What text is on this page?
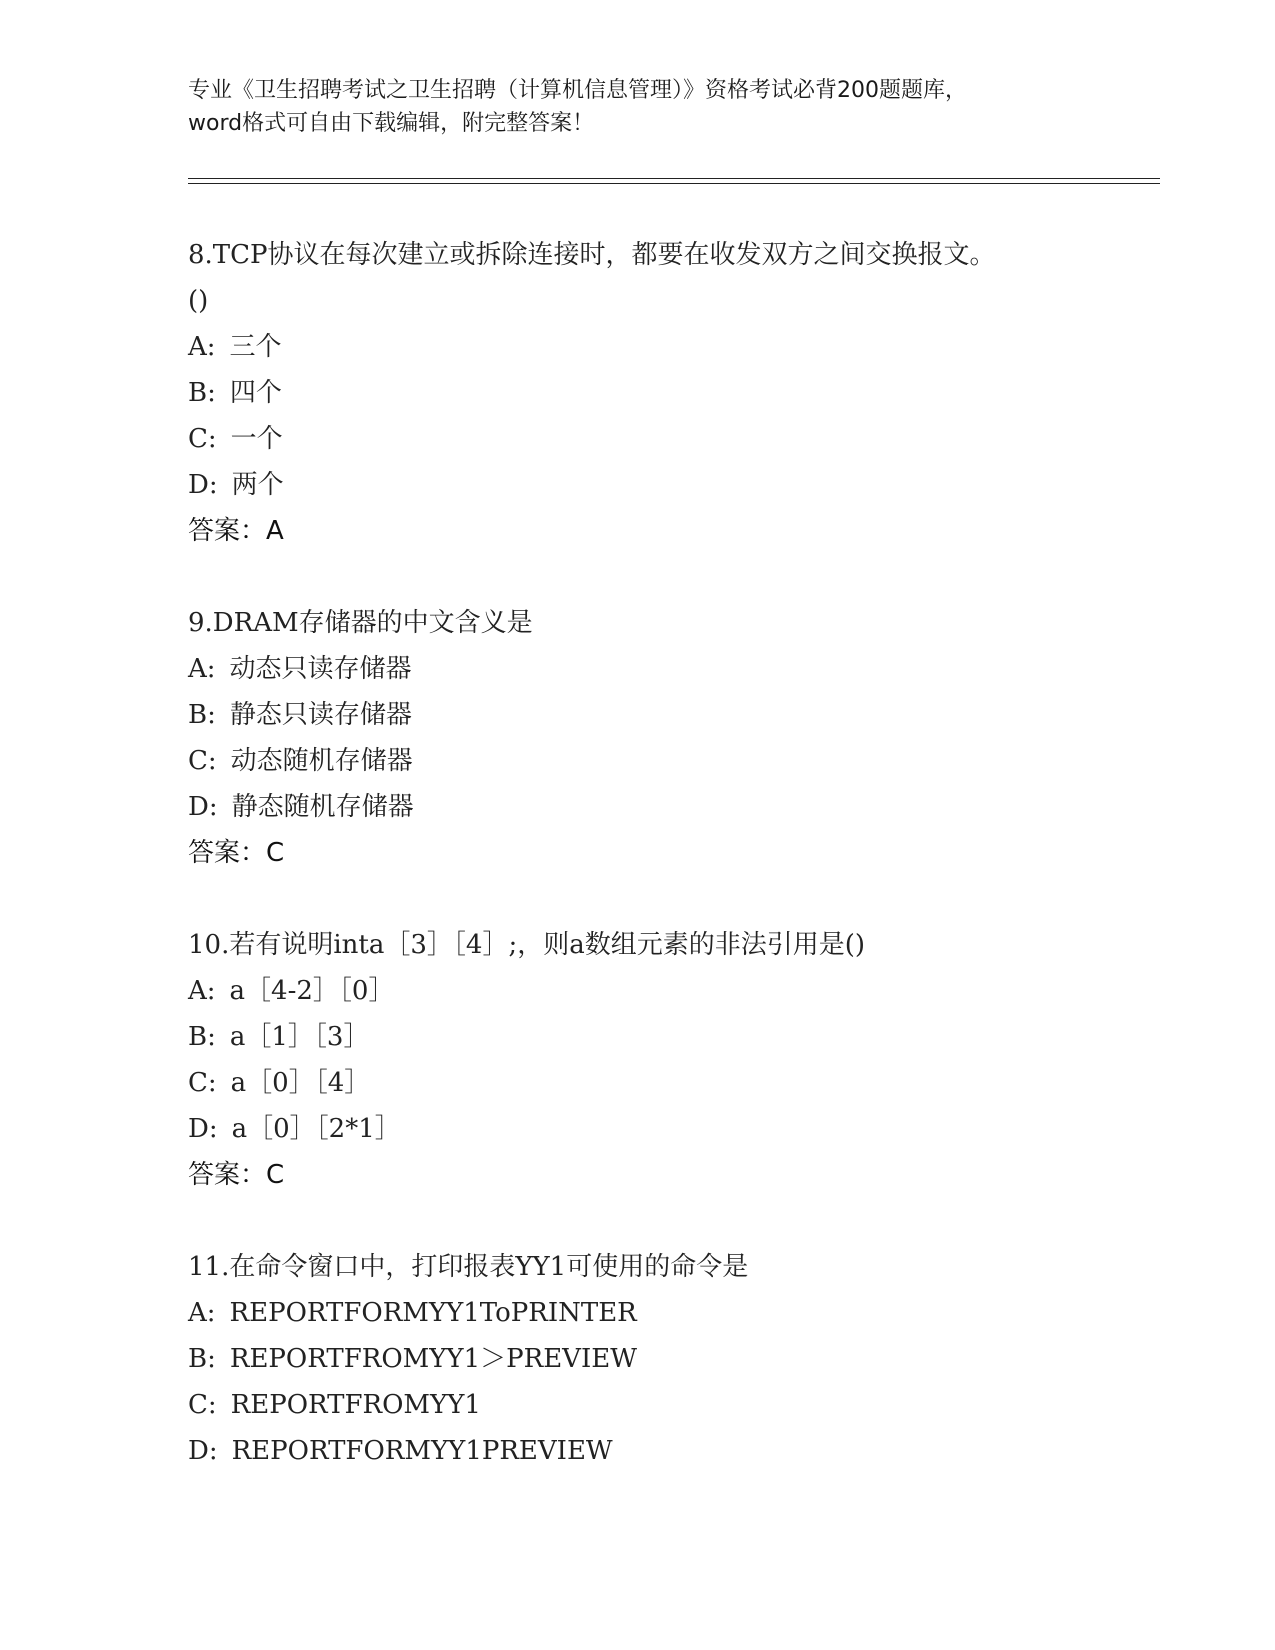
专业《卫生招聘考试之卫生招聘（计算机信息管理）》资格考试必背200题题库，
word格式可自由下载编辑，附完整答案！
8.TCP协议在每次建立或拆除连接时，都要在收发双方之间交换报文。
()
A: 三个
B: 四个
C: 一个
D: 两个
答案：A
9.DRAM存储器的中文含义是
A: 动态只读存储器
B: 静态只读存储器
C: 动态随机存储器
D: 静态随机存储器
答案：C
10.若有说明inta［3］［4］;，则a数组元素的非法引用是()
A: a［4-2］［0］
B: a［1］［3］
C: a［0］［4］
D: a［0］［2*1］
答案：C
11.在命令窗口中，打印报表YY1可使用的命令是
A: REPORTFORMYY1ToPRINTER
B: REPORTFROMYY1＞PREVIEW
C: REPORTFROMYY1
D: REPORTFORMYY1PREVIEW
